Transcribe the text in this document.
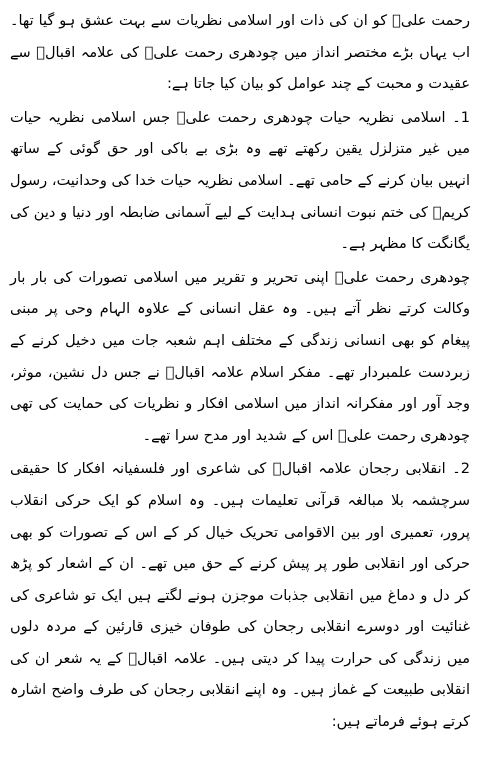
رحمت علیؒ کو ان کی ذات اور اسلامی نظریات سے بہت عشق ہو گیا تھا۔ اب یہاں بڑے مختصر انداز میں چودھری رحمت علیؒ کی علامہ اقبالؒ سے عقیدت و محبت کے چند عوامل کو بیان کیا جاتا ہے:

1۔ اسلامی نظریہ حیات چودھری رحمت علیؒ جس اسلامی نظریہ حیات میں غیر متزلزل یقین رکھتے تھے وہ بڑی بے باکی اور حق گوئی کے ساتھ انہیں بیان کرنے کے حامی تھے۔ اسلامی نظریہ حیات خدا کی وحدانیت، رسول کریمؐ کی ختم نبوت انسانی ہدایت کے لیے آسمانی ضابطہ اور دنیا و دین کی یگانگت کا مظہر ہے۔

چودھری رحمت علیؒ اپنی تحریر و تقریر میں اسلامی تصورات کی بار بار وکالت کرتے نظر آتے ہیں۔ وہ عقل انسانی کے علاوہ الہام وحی پر مبنی پیغام کو بھی انسانی زندگی کے مختلف اہم شعبہ جات میں دخیل کرنے کے زبردست علمبردار تھے۔ مفکر اسلام علامہ اقبالؒ نے جس دل نشین، موثر، وجد آور اور مفکرانہ انداز میں اسلامی افکار و نظریات کی حمایت کی تھی چودھری رحمت علیؒ اس کے شدید اور مدح سرا تھے۔

2۔ انقلابی رجحان علامہ اقبالؒ کی شاعری اور فلسفیانہ افکار کا حقیقی سرچشمہ بلا مبالغہ قرآنی تعلیمات ہیں۔ وہ اسلام کو ایک حرکی انقلاب پرور، تعمیری اور بین الاقوامی تحریک خیال کر کے اس کے تصورات کو بھی حرکی اور انقلابی طور پر پیش کرنے کے حق میں تھے۔ ان کے اشعار کو پڑھ کر دل و دماغ میں انقلابی جذبات موجزن ہونے لگتے ہیں ایک تو شاعری کی غنائیت اور دوسرے انقلابی رجحان کی طوفان خیزی قارئین کے مردہ دلوں میں زندگی کی حرارت پیدا کر دیتی ہیں۔ علامہ اقبالؒ کے یہ شعر ان کی انقلابی طبیعت کے غماز ہیں۔ وہ اپنے انقلابی رجحان کی طرف واضح اشارہ کرتے ہوئے فرماتے ہیں:
